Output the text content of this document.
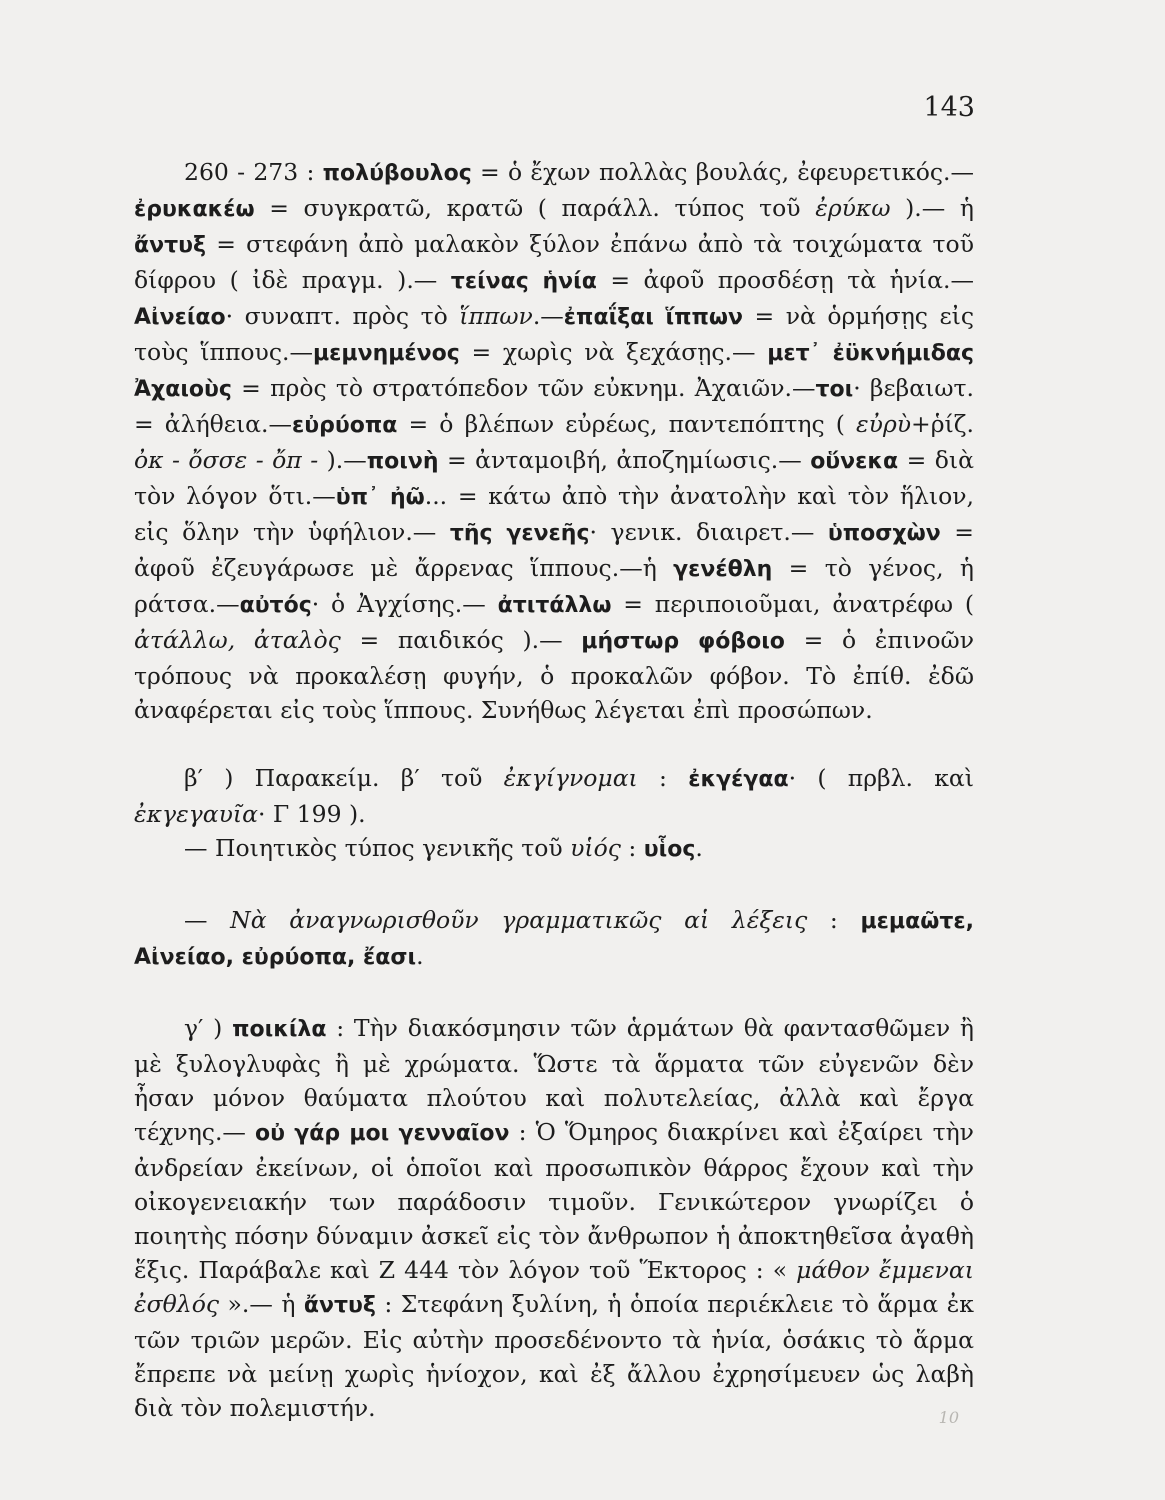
143

260 - 273 : πολύβουλος = ὁ ἔχων πολλὰς βουλάς, ἐφευρετικός.— ἐρυκακέω = συγκρατῶ, κρατῶ ( παράλλ. τύπος τοῦ ἐρύκω ).— ἡ ἄντυξ = στεφάνη ἀπὸ μαλακὸν ξύλον ἐπάνω ἀπὸ τὰ τοιχώματα τοῦ δίφρου ( ἰδὲ πραγμ. ).— τείνας ἡνία = ἀφοῦ προσδέσῃ τὰ ἡνία.— Αἰνείαο· συναπτ. πρὸς τὸ ἵππων.—ἐπαΐξαι ἵππων = νὰ ὁρμήσῃς εἰς τοὺς ἵππους.—μεμνημένος = χωρὶς νὰ ξεχάσῃς.— μετ᾽ ἐϋκνήμιδας Ἀχαιοὺς = πρὸς τὸ στρατόπεδον τῶν εὐκνημ. Ἀχαιῶν.—τοι· βεβαιωτ. = ἀλήθεια.—εὐρύοπα = ὁ βλέπων εὐρέως, παντεπόπτης ( εὐρὺ+ῥίζ. ὀκ - ὄσσε - ὄπ - ).—ποινὴ = ἀνταμοιβή, ἀποζημίωσις.— οὕνεκα = διὰ τὸν λόγον ὅτι.—ὑπ᾽ ἠῶ... = κάτω ἀπὸ τὴν ἀνατολὴν καὶ τὸν ἥλιον, εἰς ὅλην τὴν ὑφήλιον.— τῆς γενεῆς· γενικ. διαιρετ.— ὑποσχὼν = ἀφοῦ ἐζευγάρωσε μὲ ἄρρενας ἵππους.—ἡ γενέθλη = τὸ γένος, ἡ ράτσα.—αὐτός· ὁ Ἀγχίσης.— ἀτιτάλλω = περιποιοῦμαι, ἀνατρέφω ( ἀτάλλω, ἀταλὸς = παιδικός ).— μήστωρ φόβοιο = ὁ ἐπινοῶν τρόπους νὰ προκαλέσῃ φυγήν, ὁ προκαλῶν φόβον. Τὸ ἐπίθ. ἐδῶ ἀναφέρεται εἰς τοὺς ἵππους. Συνήθως λέγεται ἐπὶ προσώπων.

β′ ) Παρακείμ. β′ τοῦ ἐκγίγνομαι : ἐκγέγαα· ( πρβλ. καὶ ἐκγεγαυῖα· Γ 199 ).

— Ποιητικὸς τύπος γενικῆς τοῦ υἱός : υἷος.

— Νὰ ἀναγνωρισθοῦν γραμματικῶς αἱ λέξεις : μεμαῶτε, Αἰνείαο, εὐρύοπα, ἔασι.

γ′ ) ποικίλα : Τὴν διακόσμησιν τῶν ἁρμάτων θὰ φαντασθῶμεν ἢ μὲ ξυλογλυφὰς ἢ μὲ χρώματα. Ὥστε τὰ ἅρματα τῶν εὐγενῶν δὲν ἦσαν μόνον θαύματα πλούτου καὶ πολυτελείας, ἀλλὰ καὶ ἔργα τέχνης.— οὐ γάρ μοι γενναῖον : Ὁ Ὅμηρος διακρίνει καὶ ἐξαίρει τὴν ἀνδρείαν ἐκείνων, οἱ ὁποῖοι καὶ προσωπικὸν θάρρος ἔχουν καὶ τὴν οἰκογενειακήν των παράδοσιν τιμοῦν. Γενικώτερον γνωρίζει ὁ ποιητὴς πόσην δύναμιν ἀσκεῖ εἰς τὸν ἄνθρωπον ἡ ἀποκτηθεῖσα ἀγαθὴ ἕξις. Παράβαλε καὶ Ζ 444 τὸν λόγον τοῦ Ἕκτορος : « μάθον ἔμμεναι ἐσθλός ».— ἡ ἄντυξ : Στεφάνη ξυλίνη, ἡ ὁποία περιέκλειε τὸ ἅρμα ἐκ τῶν τριῶν μερῶν. Εἰς αὐτὴν προσεδένοντο τὰ ἡνία, ὁσάκις τὸ ἅρμα ἔπρεπε νὰ μείνῃ χωρὶς ἡνίοχον, καὶ ἐξ ἄλλου ἐχρησίμευεν ὡς λαβὴ διὰ τὸν πολεμιστήν.	10
